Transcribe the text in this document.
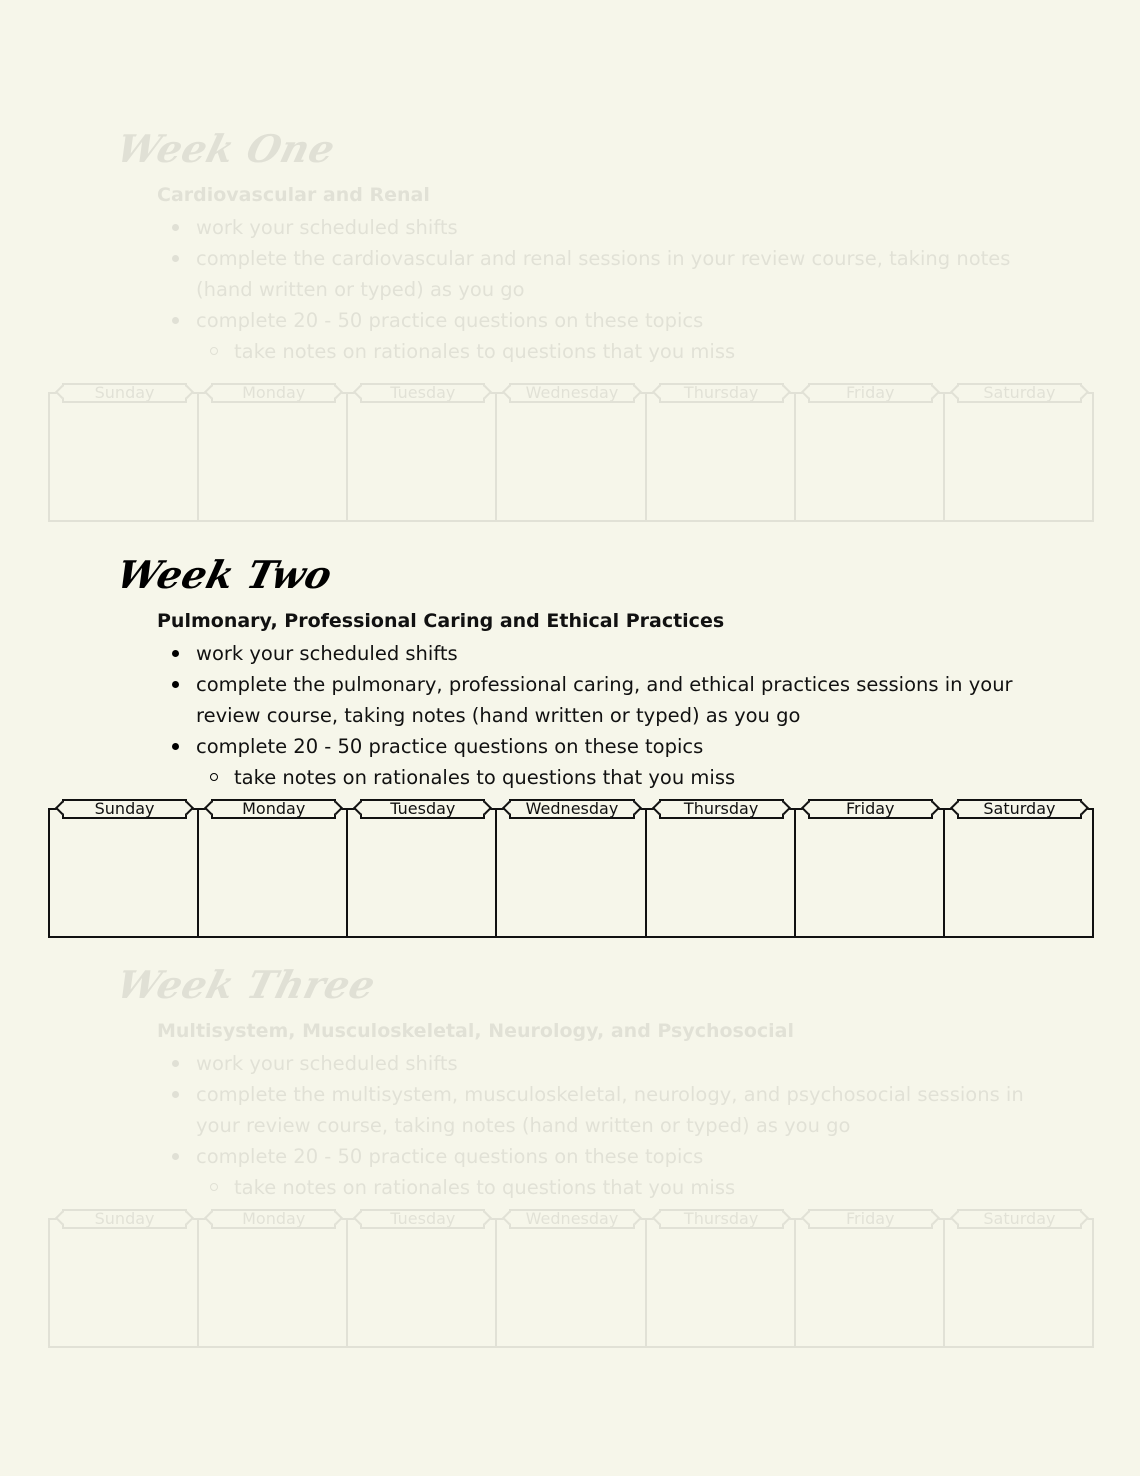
Week One
Cardiovascular and Renal
work your scheduled shifts
complete the cardiovascular and renal sessions in your review course, taking notes (hand written or typed) as you go
complete 20 - 50 practice questions on these topics
take notes on rationales to questions that you miss
Sunday	Monday	Tuesday	Wednesday	Thursday	Friday	Saturday
Week Two
Pulmonary, Professional Caring and Ethical Practices
work your scheduled shifts
complete the pulmonary, professional caring, and ethical practices sessions in your review course, taking notes (hand written or typed) as you go
complete 20 - 50 practice questions on these topics
take notes on rationales to questions that you miss
Sunday	Monday	Tuesday	Wednesday	Thursday	Friday	Saturday
Week Three
Multisystem, Musculoskeletal, Neurology, and Psychosocial
work your scheduled shifts
complete the multisystem, musculoskeletal, neurology, and psychosocial sessions in your review course, taking notes (hand written or typed) as you go
complete 20 - 50 practice questions on these topics
take notes on rationales to questions that you miss
Sunday	Monday	Tuesday	Wednesday	Thursday	Friday	Saturday
